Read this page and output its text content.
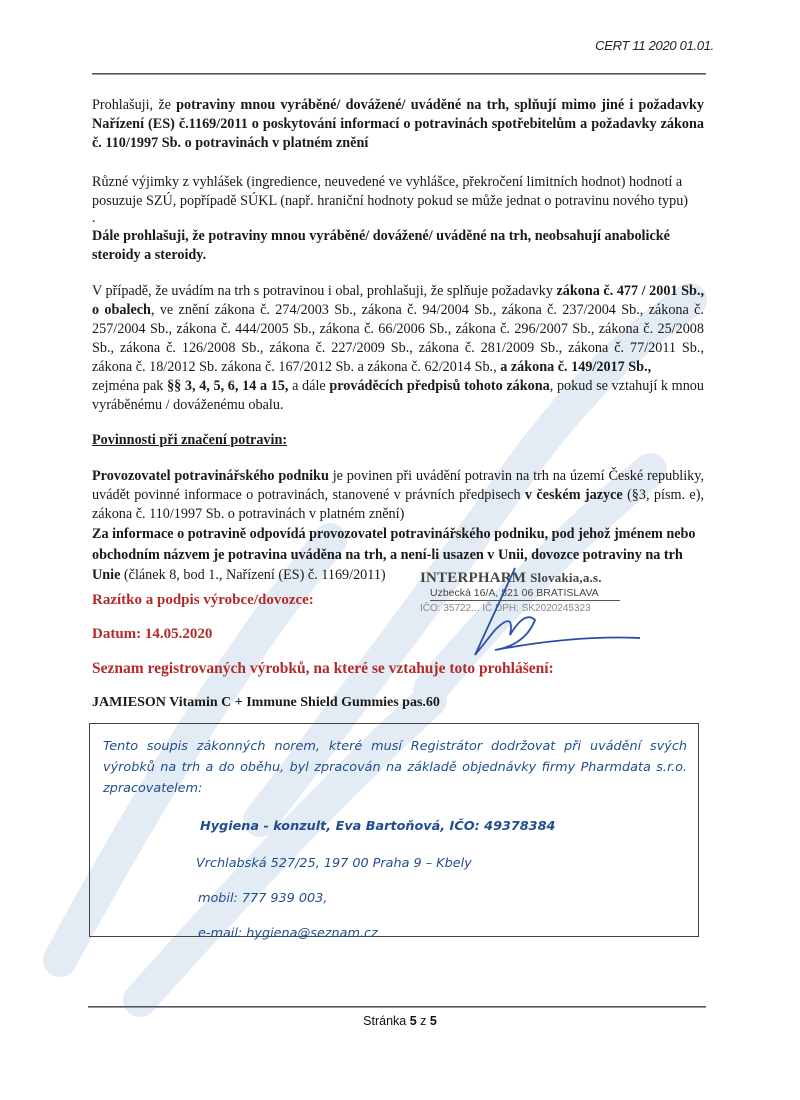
CERT 11 2020 01.01.

Prohlašuji, že potraviny mnou vyráběné/ dovážené/ uváděné na trh, splňují mimo jiné i požadavky Nařízení (ES) č.1169/2011 o poskytování informací o potravinách spotřebitelům a požadavky zákona č. 110/1997 Sb. o potravinách v platném znění

Různé výjimky z vyhlášek (ingredience, neuvedené ve vyhlášce, překročení limitních hodnot) hodnotí a posuzuje SZÚ, popřípadě SÚKL (např. hraniční hodnoty pokud se může jednat o potravinu nového typu)

.

Dále prohlašuji, že potraviny mnou vyráběné/ dovážené/ uváděné na trh, neobsahují anabolické steroidy a steroidy.

V případě, že uvádím na trh s potravinou i obal, prohlašuji, že splňuje požadavky zákona č. 477 / 2001 Sb., o obalech, ve znění zákona č. 274/2003 Sb., zákona č. 94/2004 Sb., zákona č. 237/2004 Sb., zákona č. 257/2004 Sb., zákona č. 444/2005 Sb., zákona č. 66/2006 Sb., zákona č. 296/2007 Sb., zákona č. 25/2008 Sb., zákona č. 126/2008 Sb., zákona č. 227/2009 Sb., zákona č. 281/2009 Sb., zákona č. 77/2011 Sb., zákona č. 18/2012 Sb. zákona č. 167/2012 Sb. a zákona č. 62/2014 Sb., a zákona č. 149/2017 Sb.,
zejména pak §§ 3, 4, 5, 6, 14 a 15, a dále prováděcích předpisů tohoto zákona, pokud se vztahují k mnou vyráběnému / dováženému obalu.

Povinnosti při značení potravin:

Provozovatel potravinářského podniku je povinen při uvádění potravin na trh na území České republiky, uvádět povinné informace o potravinách, stanovené v právních předpisech v českém jazyce (§3, písm. e), zákona č. 110/1997 Sb. o potravinách v platném znění)

Za informace o potravině odpovídá provozovatel potravinářského podniku, pod jehož jménem nebo obchodním názvem je potravina uváděna na trh, a není-li usazen v Unii, dovozce potraviny na trh Unie (článek 8, bod 1., Nařízení (ES) č. 1169/2011)

Razítko a podpis výrobce/dovozce:
Datum: 14.05.2020
INTERPHARM Slovakia,a.s.
Uzbecká 16/A, 821 06 BRATISLAVA
IČO: 35722... IČ DPH: SK2020245323
Seznam registrovaných výrobků, na které se vztahuje toto prohlášení:
JAMIESON Vitamin C + Immune Shield Gummies pas.60
Tento soupis zákonných norem, které musí Registrátor dodržovat při uvádění svých výrobků na trh a do oběhu, byl zpracován na základě objednávky firmy Pharmdata s.r.o. zpracovatelem:
Hygiena - konzult, Eva Bartoňová, IČO: 49378384
Vrchlabská 527/25, 197 00 Praha 9 – Kbely
mobil: 777 939 003,
e-mail: hygiena@seznam.cz
Stránka 5 z 5
